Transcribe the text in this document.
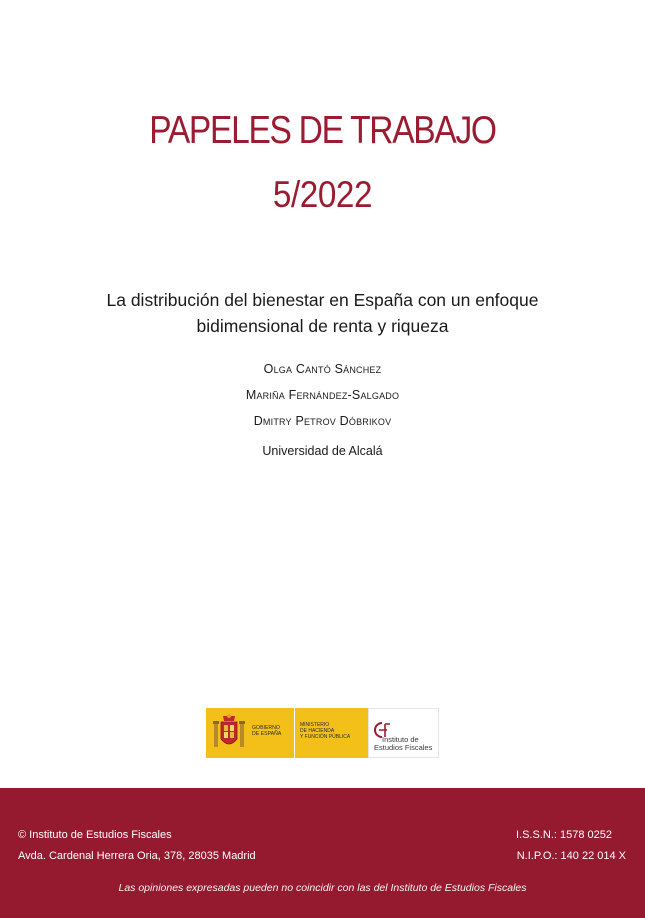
PAPELES DE TRABAJO
5/2022
La distribución del bienestar en España con un enfoque
bidimensional de renta y riqueza
Olga Cantó Sánchez
Mariña Fernández-Salgado
Dmitry Petrov Dóbrikov
Universidad de Alcalá
GOBIERNO
DE ESPAÑA
MINISTERIO
DE HACIENDA
Y FUNCIÓN PÚBLICA	Instituto de
Estudios Fiscales
© Instituto de Estudios Fiscales
Avda. Cardenal Herrera Oria, 378, 28035 Madrid
I.S.S.N.: 1578 0252
N.I.P.O.: 140 22 014 X
Las opiniones expresadas pueden no coincidir con las del Instituto de Estudios Fiscales
